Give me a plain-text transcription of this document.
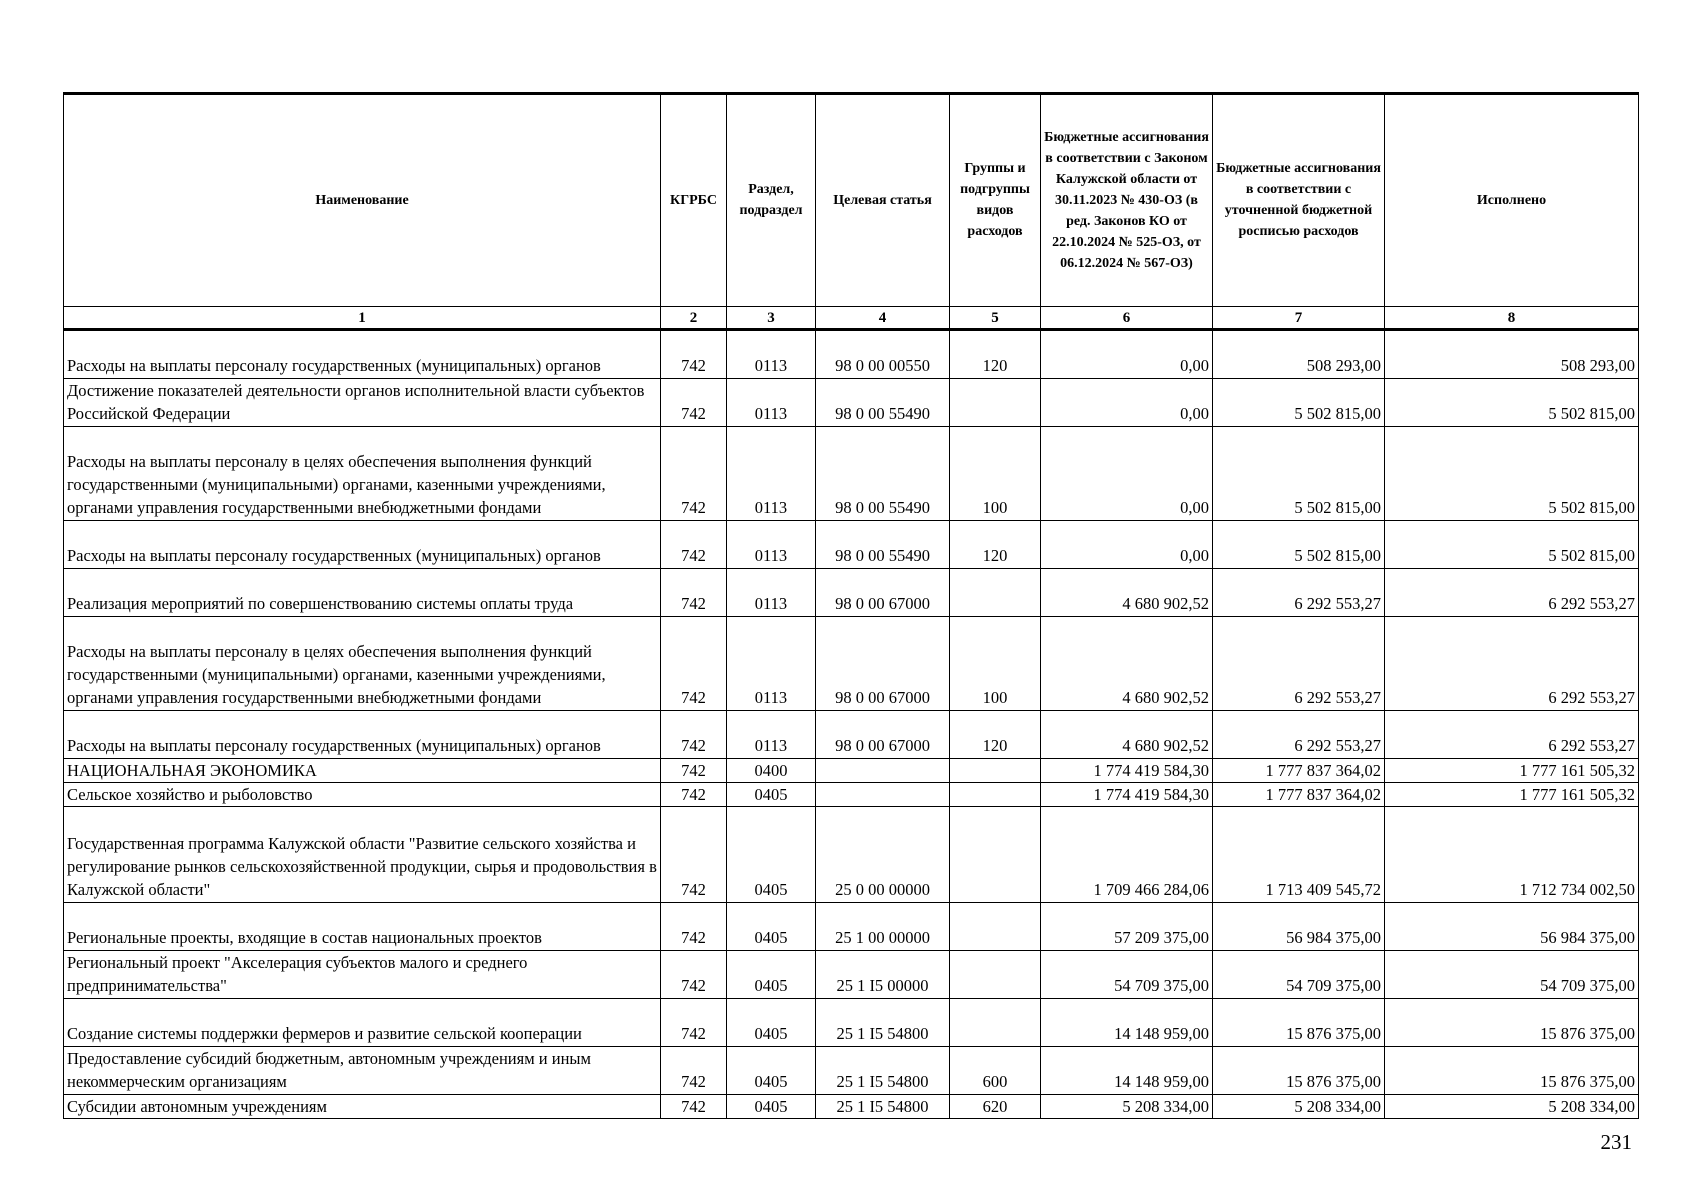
Наименование	КГРБС	Раздел, подраздел	Целевая статья	Группы и подгруппы видов расходов	Бюджетные ассигнования в соответствии с Законом Калужской области от 30.11.2023 № 430-ОЗ (в ред. Законов КО от 22.10.2024 № 525-ОЗ, от 06.12.2024 № 567-ОЗ)	Бюджетные ассигнования в соответствии с уточненной бюджетной росписью расходов	Исполнено
1	2	3	4	5	6	7	8
Расходы на выплаты персоналу государственных (муниципальных) органов	742	0113	98 0 00 00550	120	0,00	508 293,00	508 293,00
Достижение показателей деятельности органов исполнительной власти субъектов Российской Федерации	742	0113	98 0 00 55490		0,00	5 502 815,00	5 502 815,00
Расходы на выплаты персоналу в целях обеспечения выполнения функций государственными (муниципальными) органами, казенными учреждениями, органами управления государственными внебюджетными фондами	742	0113	98 0 00 55490	100	0,00	5 502 815,00	5 502 815,00
Расходы на выплаты персоналу государственных (муниципальных) органов	742	0113	98 0 00 55490	120	0,00	5 502 815,00	5 502 815,00
Реализация мероприятий по совершенствованию системы оплаты труда	742	0113	98 0 00 67000		4 680 902,52	6 292 553,27	6 292 553,27
Расходы на выплаты персоналу в целях обеспечения выполнения функций государственными (муниципальными) органами, казенными учреждениями, органами управления государственными внебюджетными фондами	742	0113	98 0 00 67000	100	4 680 902,52	6 292 553,27	6 292 553,27
Расходы на выплаты персоналу государственных (муниципальных) органов	742	0113	98 0 00 67000	120	4 680 902,52	6 292 553,27	6 292 553,27
НАЦИОНАЛЬНАЯ ЭКОНОМИКА	742	0400			1 774 419 584,30	1 777 837 364,02	1 777 161 505,32
Сельское хозяйство и рыболовство	742	0405			1 774 419 584,30	1 777 837 364,02	1 777 161 505,32
Государственная программа Калужской области "Развитие сельского хозяйства и регулирование рынков сельскохозяйственной продукции, сырья и продовольствия в Калужской области"	742	0405	25 0 00 00000		1 709 466 284,06	1 713 409 545,72	1 712 734 002,50
Региональные проекты, входящие в состав национальных проектов	742	0405	25 1 00 00000		57 209 375,00	56 984 375,00	56 984 375,00
Региональный проект "Акселерация субъектов малого и среднего предпринимательства"	742	0405	25 1 I5 00000		54 709 375,00	54 709 375,00	54 709 375,00
Создание системы поддержки фермеров и развитие сельской кооперации	742	0405	25 1 I5 54800		14 148 959,00	15 876 375,00	15 876 375,00
Предоставление субсидий бюджетным, автономным учреждениям и иным некоммерческим организациям	742	0405	25 1 I5 54800	600	14 148 959,00	15 876 375,00	15 876 375,00
Субсидии автономным учреждениям	742	0405	25 1 I5 54800	620	5 208 334,00	5 208 334,00	5 208 334,00
231
